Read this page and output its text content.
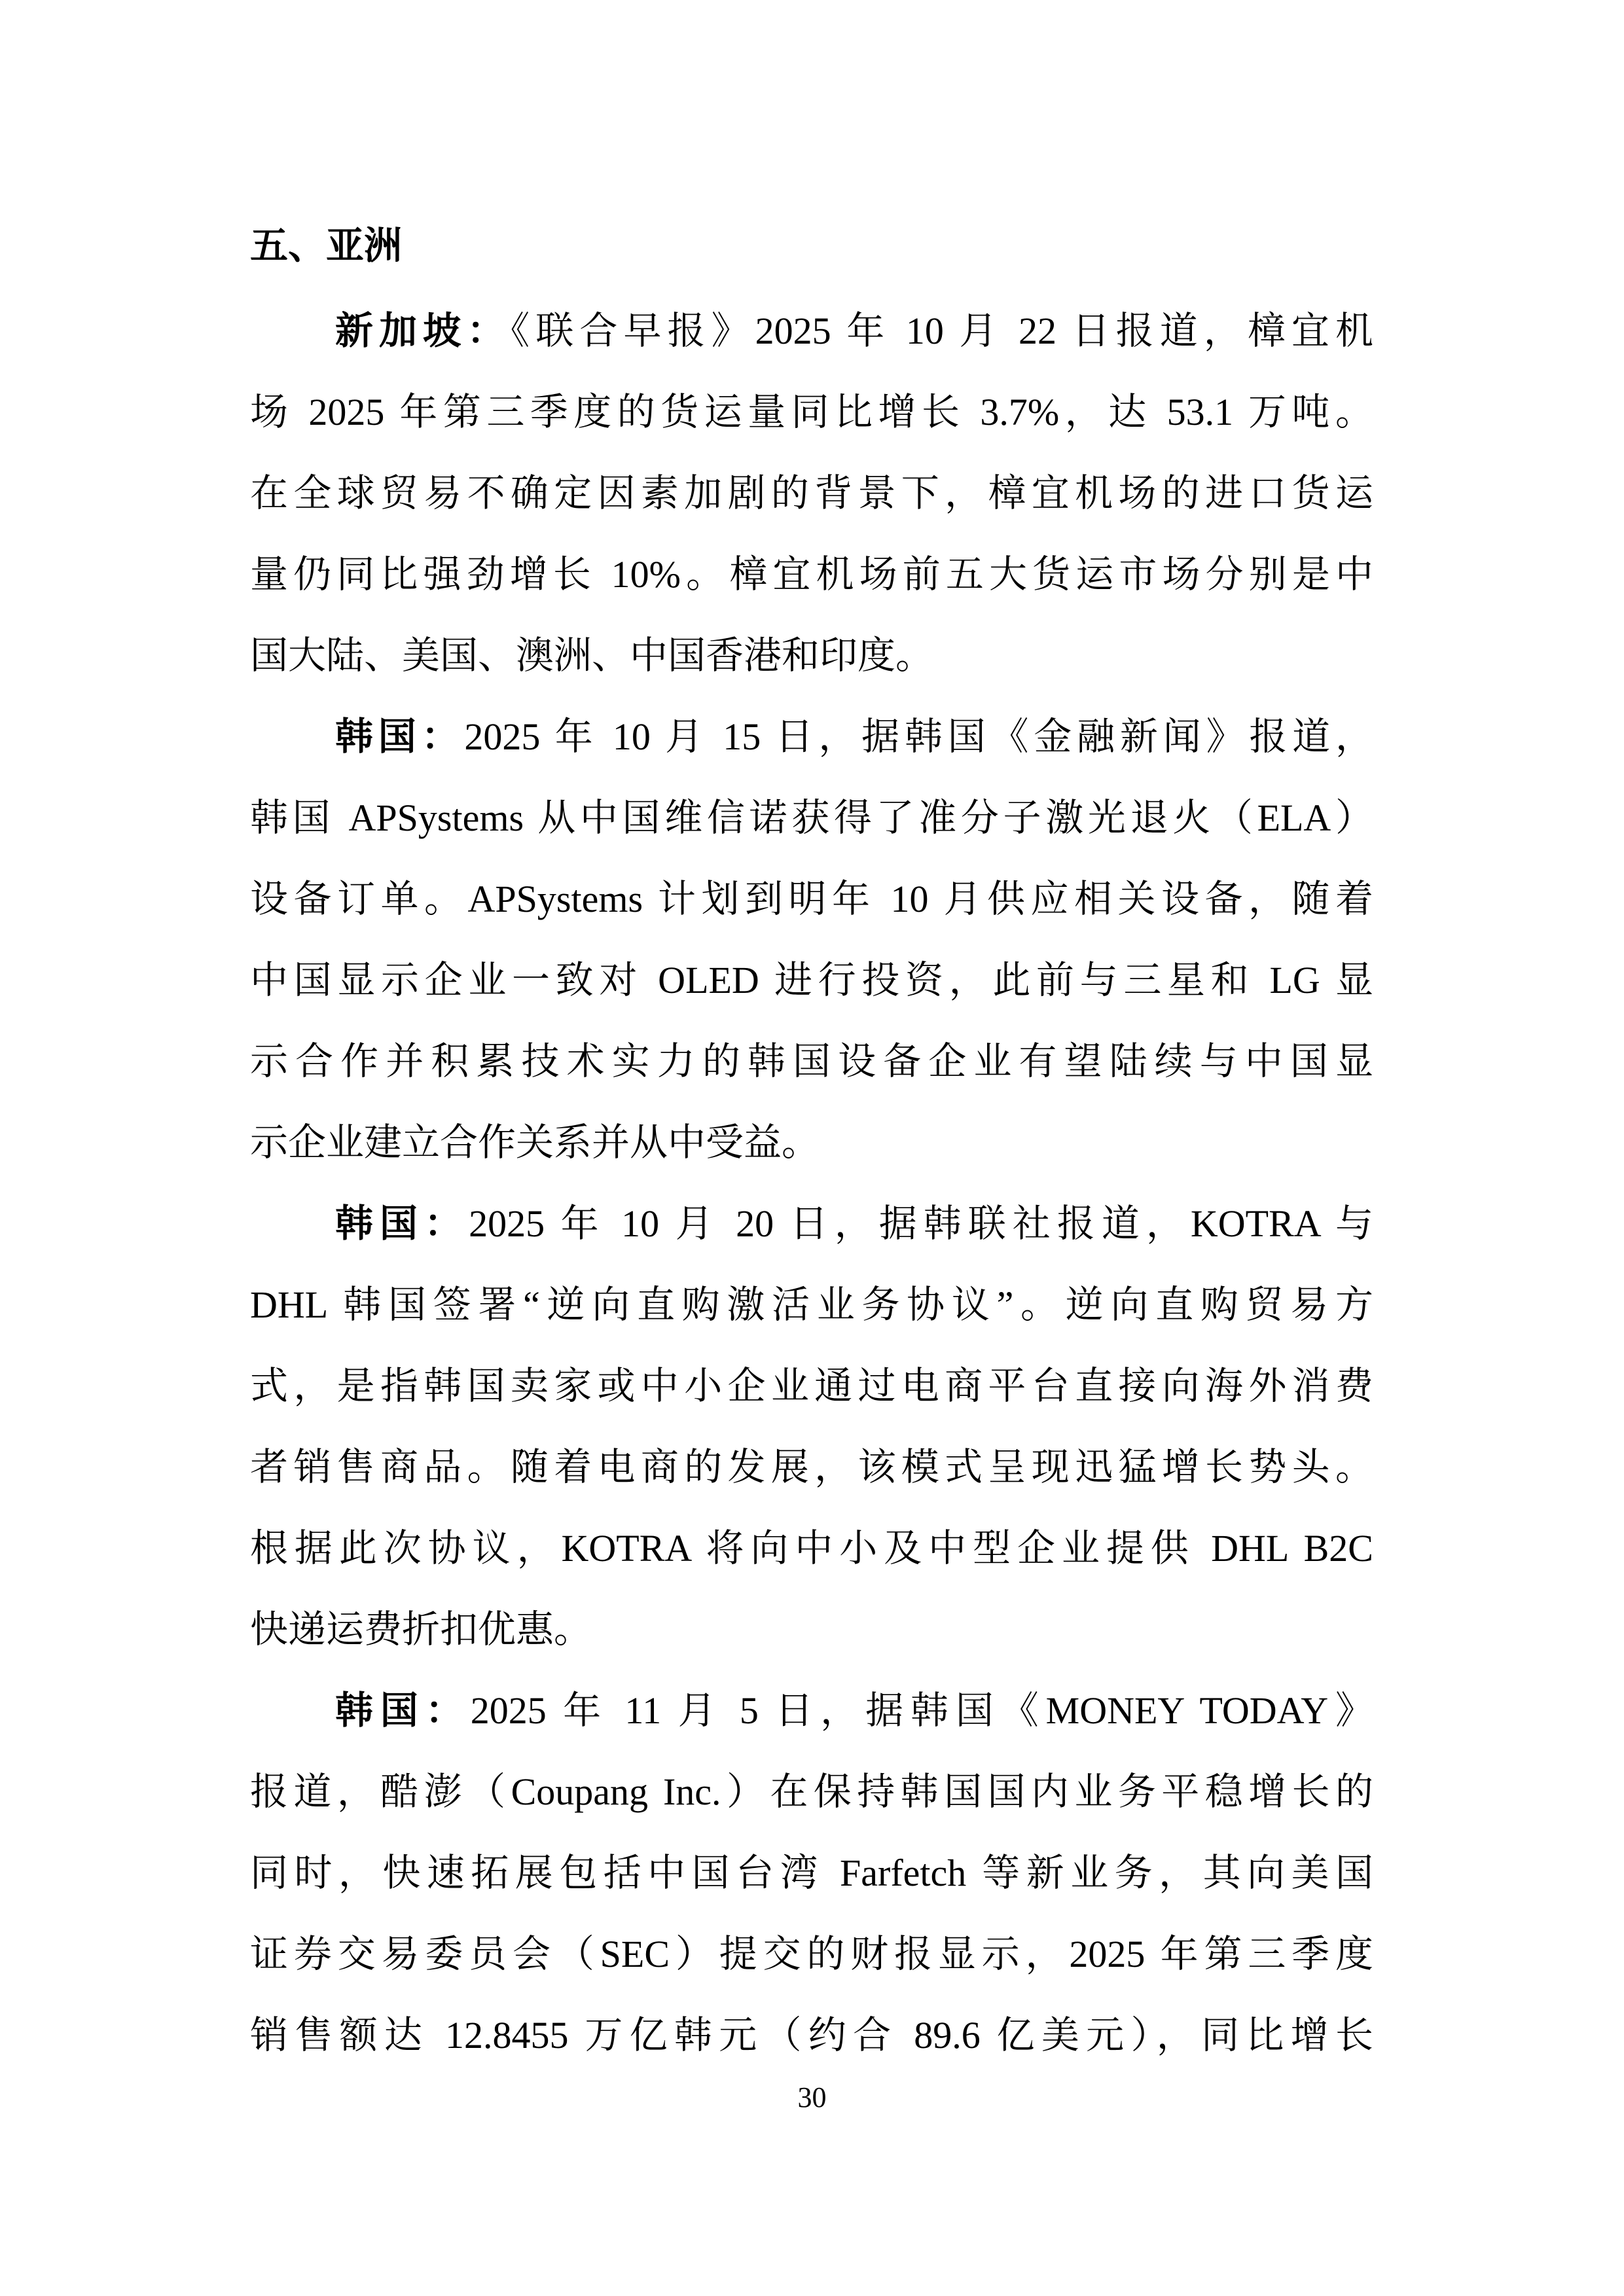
五、亚洲
新加坡：《联合早报》2025 年 10 月 22 日报道，樟宜机
场 2025 年第三季度的货运量同比增长 3.7%，达 53.1 万吨。
在全球贸易不确定因素加剧的背景下，樟宜机场的进口货运
量仍同比强劲增长 10%。樟宜机场前五大货运市场分别是中
国大陆、美国、澳洲、中国香港和印度。
韩国：2025 年 10 月 15 日，据韩国《金融新闻》报道，
韩国 APSystems 从中国维信诺获得了准分子激光退火（ELA）
设备订单。APSystems 计划到明年 10 月供应相关设备，随着
中国显示企业一致对 OLED 进行投资，此前与三星和 LG 显
示合作并积累技术实力的韩国设备企业有望陆续与中国显
示企业建立合作关系并从中受益。
韩国：2025 年 10 月 20 日，据韩联社报道，KOTRA 与
DHL 韩国签署“逆向直购激活业务协议”。逆向直购贸易方
式，是指韩国卖家或中小企业通过电商平台直接向海外消费
者销售商品。随着电商的发展，该模式呈现迅猛增长势头。
根据此次协议，KOTRA 将向中小及中型企业提供 DHL B2C
快递运费折扣优惠。
韩国：2025 年 11 月 5 日，据韩国《MONEY TODAY》
报道，酷澎（Coupang Inc.）在保持韩国国内业务平稳增长的
同时，快速拓展包括中国台湾 Farfetch 等新业务，其向美国
证券交易委员会（SEC）提交的财报显示，2025 年第三季度
销售额达 12.8455 万亿韩元（约合 89.6 亿美元），同比增长
30
